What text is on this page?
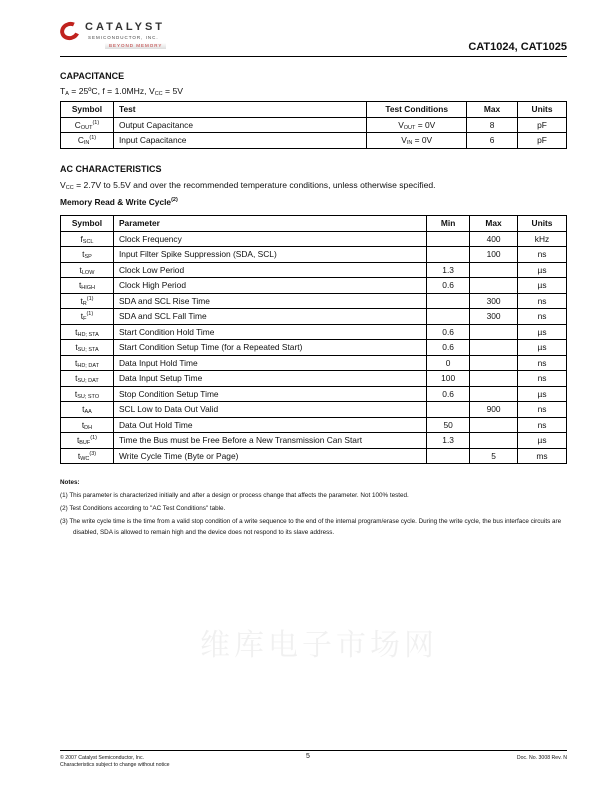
CATALYST
SEMICONDUCTOR, INC.
BEYOND MEMORY	CAT1024, CAT1025
CAPACITANCE
$T_A$ = 25ºC, f = 1.0MHz, $V_{CC} = 5V$
Symbol	Test	Test Conditions	Max	Units
$C_{OUT}^{(1)}$	Output Capacitance	$V_{OUT} = 0V$	8	pF
$C_{IN}^{(1)}$	Input Capacitance	$V_{IN} = 0V$	6	pF
AC CHARACTERISTICS
$V_{CC} = 2.7V$ to 5.5V and over the recommended temperature conditions, unless otherwise specified.
Memory Read & Write Cycle$^{(2)}$
Symbol	Parameter	Min	Max	Units
$f_{SCL}$	Clock Frequency		400	kHz
$t_{SP}$	Input Filter Spike Suppression (SDA, SCL)		100	ns
$t_{LOW}$	Clock Low Period	1.3		µs
$t_{HIGH}$	Clock High Period	0.6		µs
$t_R^{(1)}$	SDA and SCL Rise Time		300	ns
$t_F^{(1)}$	SDA and SCL Fall Time		300	ns
$t_{HD; STA}$	Start Condition Hold Time	0.6		µs
$t_{SU; STA}$	Start Condition Setup Time (for a Repeated Start)	0.6		µs
$t_{HD; DAT}$	Data Input Hold Time	0		ns
$t_{SU; DAT}$	Data Input Setup Time	100		ns
$t_{SU; STO}$	Stop Condition Setup Time	0.6		µs
$t_{AA}$	SCL Low to Data Out Valid		900	ns
$t_{DH}$	Data Out Hold Time	50		ns
$t_{BUF}^{(1)}$	Time the Bus must be Free Before a New Transmission Can Start	1.3		µs
$t_{WC}^{(3)}$	Write Cycle Time (Byte or Page)		5	ms
Notes:
(1) This parameter is characterized initially and after a design or process change that affects the parameter. Not 100% tested.
(2) Test Conditions according to "AC Test Conditions" table.
(3) The write cycle time is the time from a valid stop condition of a write sequence to the end of the internal program/erase cycle. During the write cycle, the bus interface circuits are disabled, SDA is allowed to remain high and the device does not respond to its slave address.
维库电子市场网
© 2007 Catalyst Semiconductor, Inc.
Characteristics subject to change without notice
5	Doc. No. 3008 Rev. N
